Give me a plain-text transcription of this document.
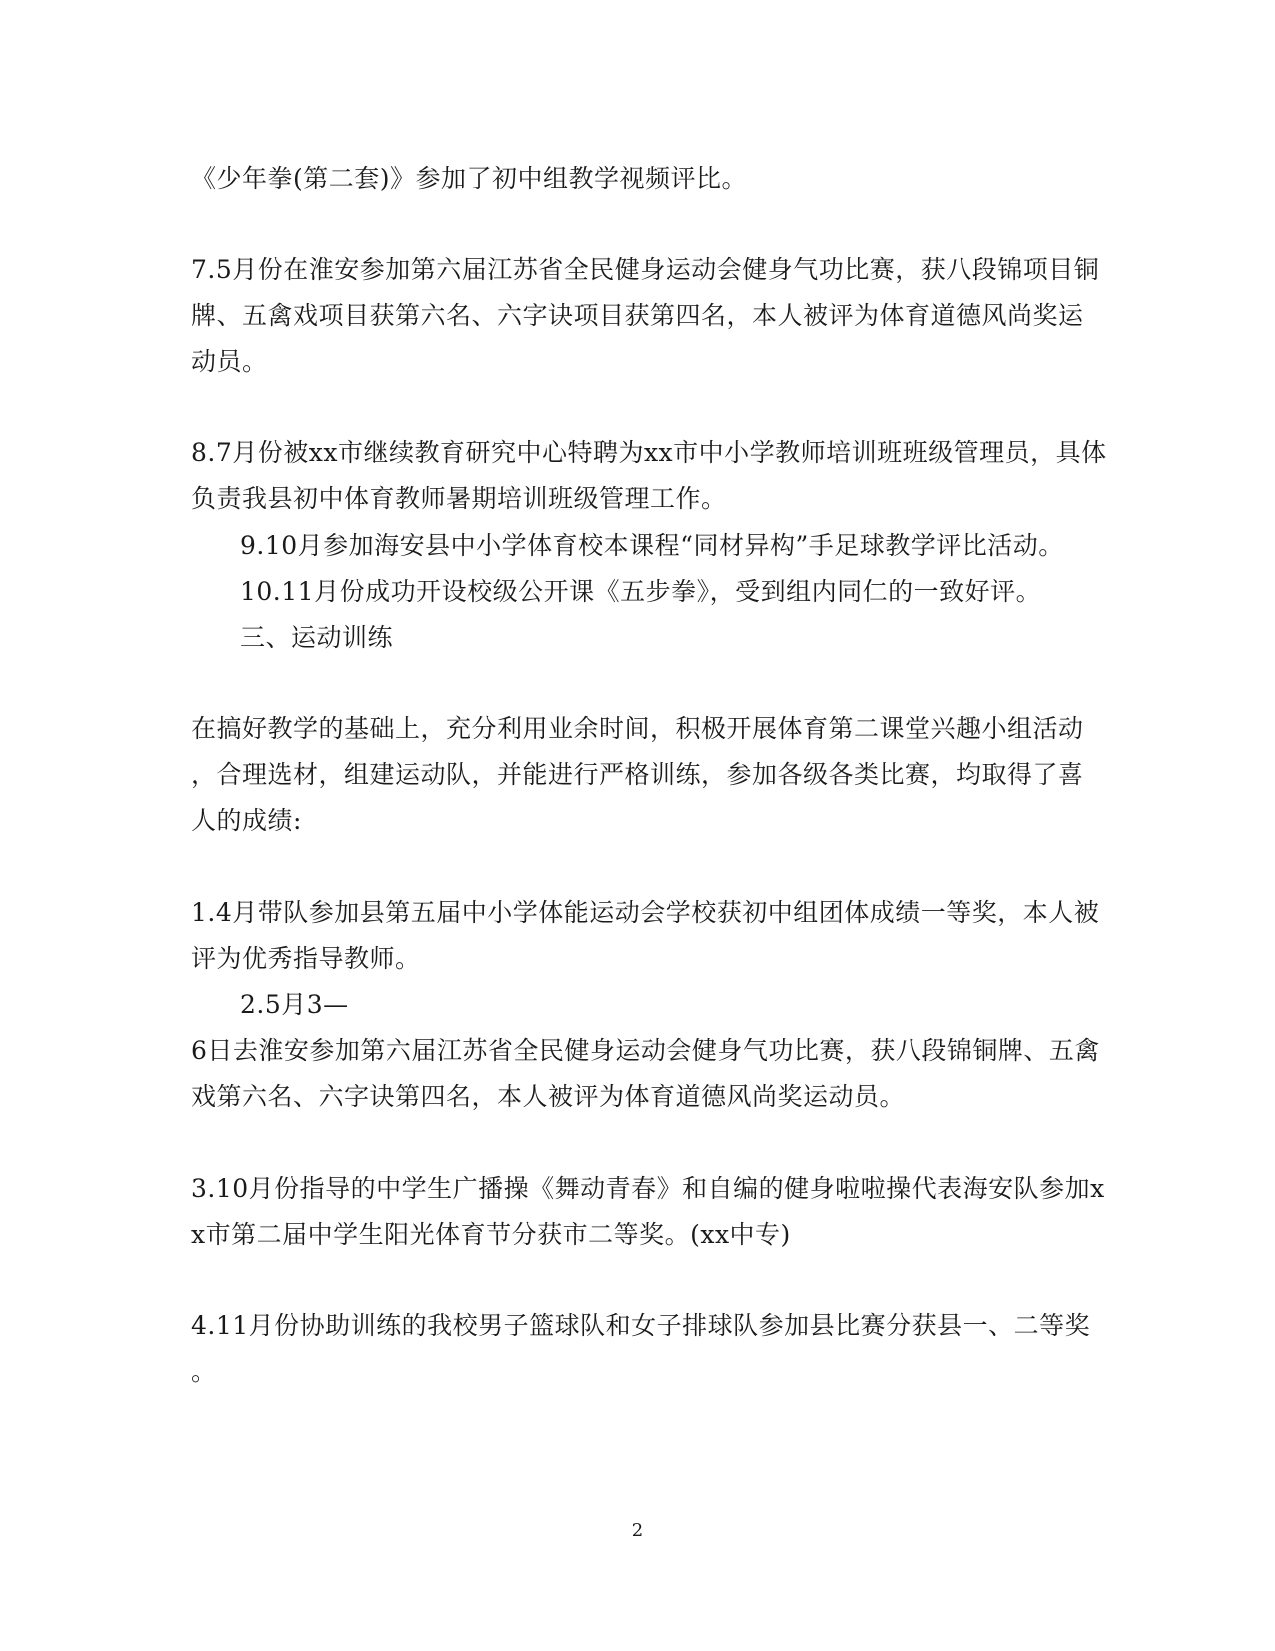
《少年拳(第二套)》参加了初中组教学视频评比。
7.5月份在淮安参加第六届江苏省全民健身运动会健身气功比赛，获八段锦项目铜
牌、五禽戏项目获第六名、六字诀项目获第四名，本人被评为体育道德风尚奖运
动员。
8.7月份被xx市继续教育研究中心特聘为xx市中小学教师培训班班级管理员，具体
负责我县初中体育教师暑期培训班级管理工作。
9.10月参加海安县中小学体育校本课程“同材异构”手足球教学评比活动。
10.11月份成功开设校级公开课《五步拳》，受到组内同仁的一致好评。
三、运动训练
在搞好教学的基础上，充分利用业余时间，积极开展体育第二课堂兴趣小组活动
，合理选材，组建运动队，并能进行严格训练，参加各级各类比赛，均取得了喜
人的成绩:
1.4月带队参加县第五届中小学体能运动会学校获初中组团体成绩一等奖，本人被
评为优秀指导教师。
2.5月3—
6日去淮安参加第六届江苏省全民健身运动会健身气功比赛，获八段锦铜牌、五禽
戏第六名、六字诀第四名，本人被评为体育道德风尚奖运动员。
3.10月份指导的中学生广播操《舞动青春》和自编的健身啦啦操代表海安队参加x
x市第二届中学生阳光体育节分获市二等奖。(xx中专)
4.11月份协助训练的我校男子篮球队和女子排球队参加县比赛分获县一、二等奖
。
2
